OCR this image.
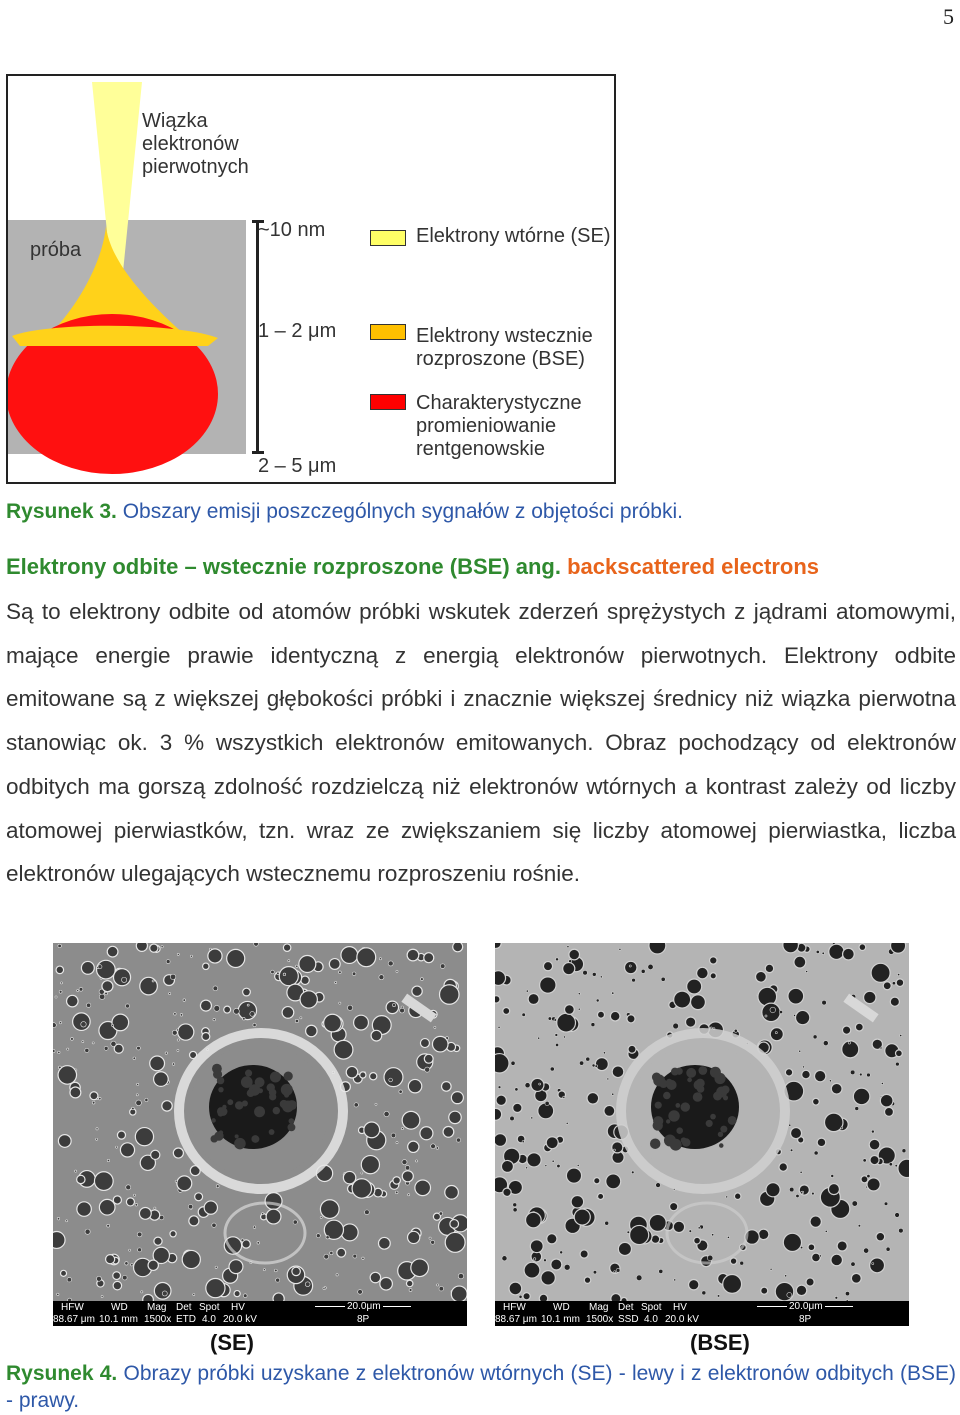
5
Wiązka
elektronów
pierwotnych
próba
~10 nm
1 – 2 μm
2 – 5 μm
Elektrony wtórne (SE)
Elektrony wstecznie
rozproszone (BSE)
Charakterystyczne
promieniowanie
rentgenowskie
Rysunek 3. Obszary emisji poszczególnych sygnałów z objętości próbki.
Elektrony odbite – wstecznie rozproszone (BSE) ang. backscattered electrons
Są to elektrony odbite od atomów próbki wskutek zderzeń sprężystych z jądrami atomowymi, mające energie prawie identyczną z energią elektronów pierwotnych. Elektrony odbite emitowane są z większej głębokości próbki i znacznie większej średnicy niż wiązka pierwotna stanowiąc ok. 3 % wszystkich elektronów emitowanych. Obraz pochodzący od elektronów odbitych ma gorszą zdolność rozdzielczą niż elektronów wtórnych a kontrast zależy od liczby atomowej pierwiastków, tzn. wraz ze zwiększaniem się liczby atomowej pierwiastka, liczba elektronów ulegających wstecznemu rozproszeniu rośnie.
HFW	WD Mag Det Spot HV
88.67 μm 10.1 mm 1500x ETD 4.0 20.0 kV
20.0μm
8P
HFW	WD Mag Det Spot HV
88.67 μm 10.1 mm 1500x SSD 4.0 20.0 kV
20.0μm
8P
(SE)	(BSE)
Rysunek 4. Obrazy próbki uzyskane z elektronów wtórnych (SE) - lewy i z elektronów odbitych (BSE) - prawy.
